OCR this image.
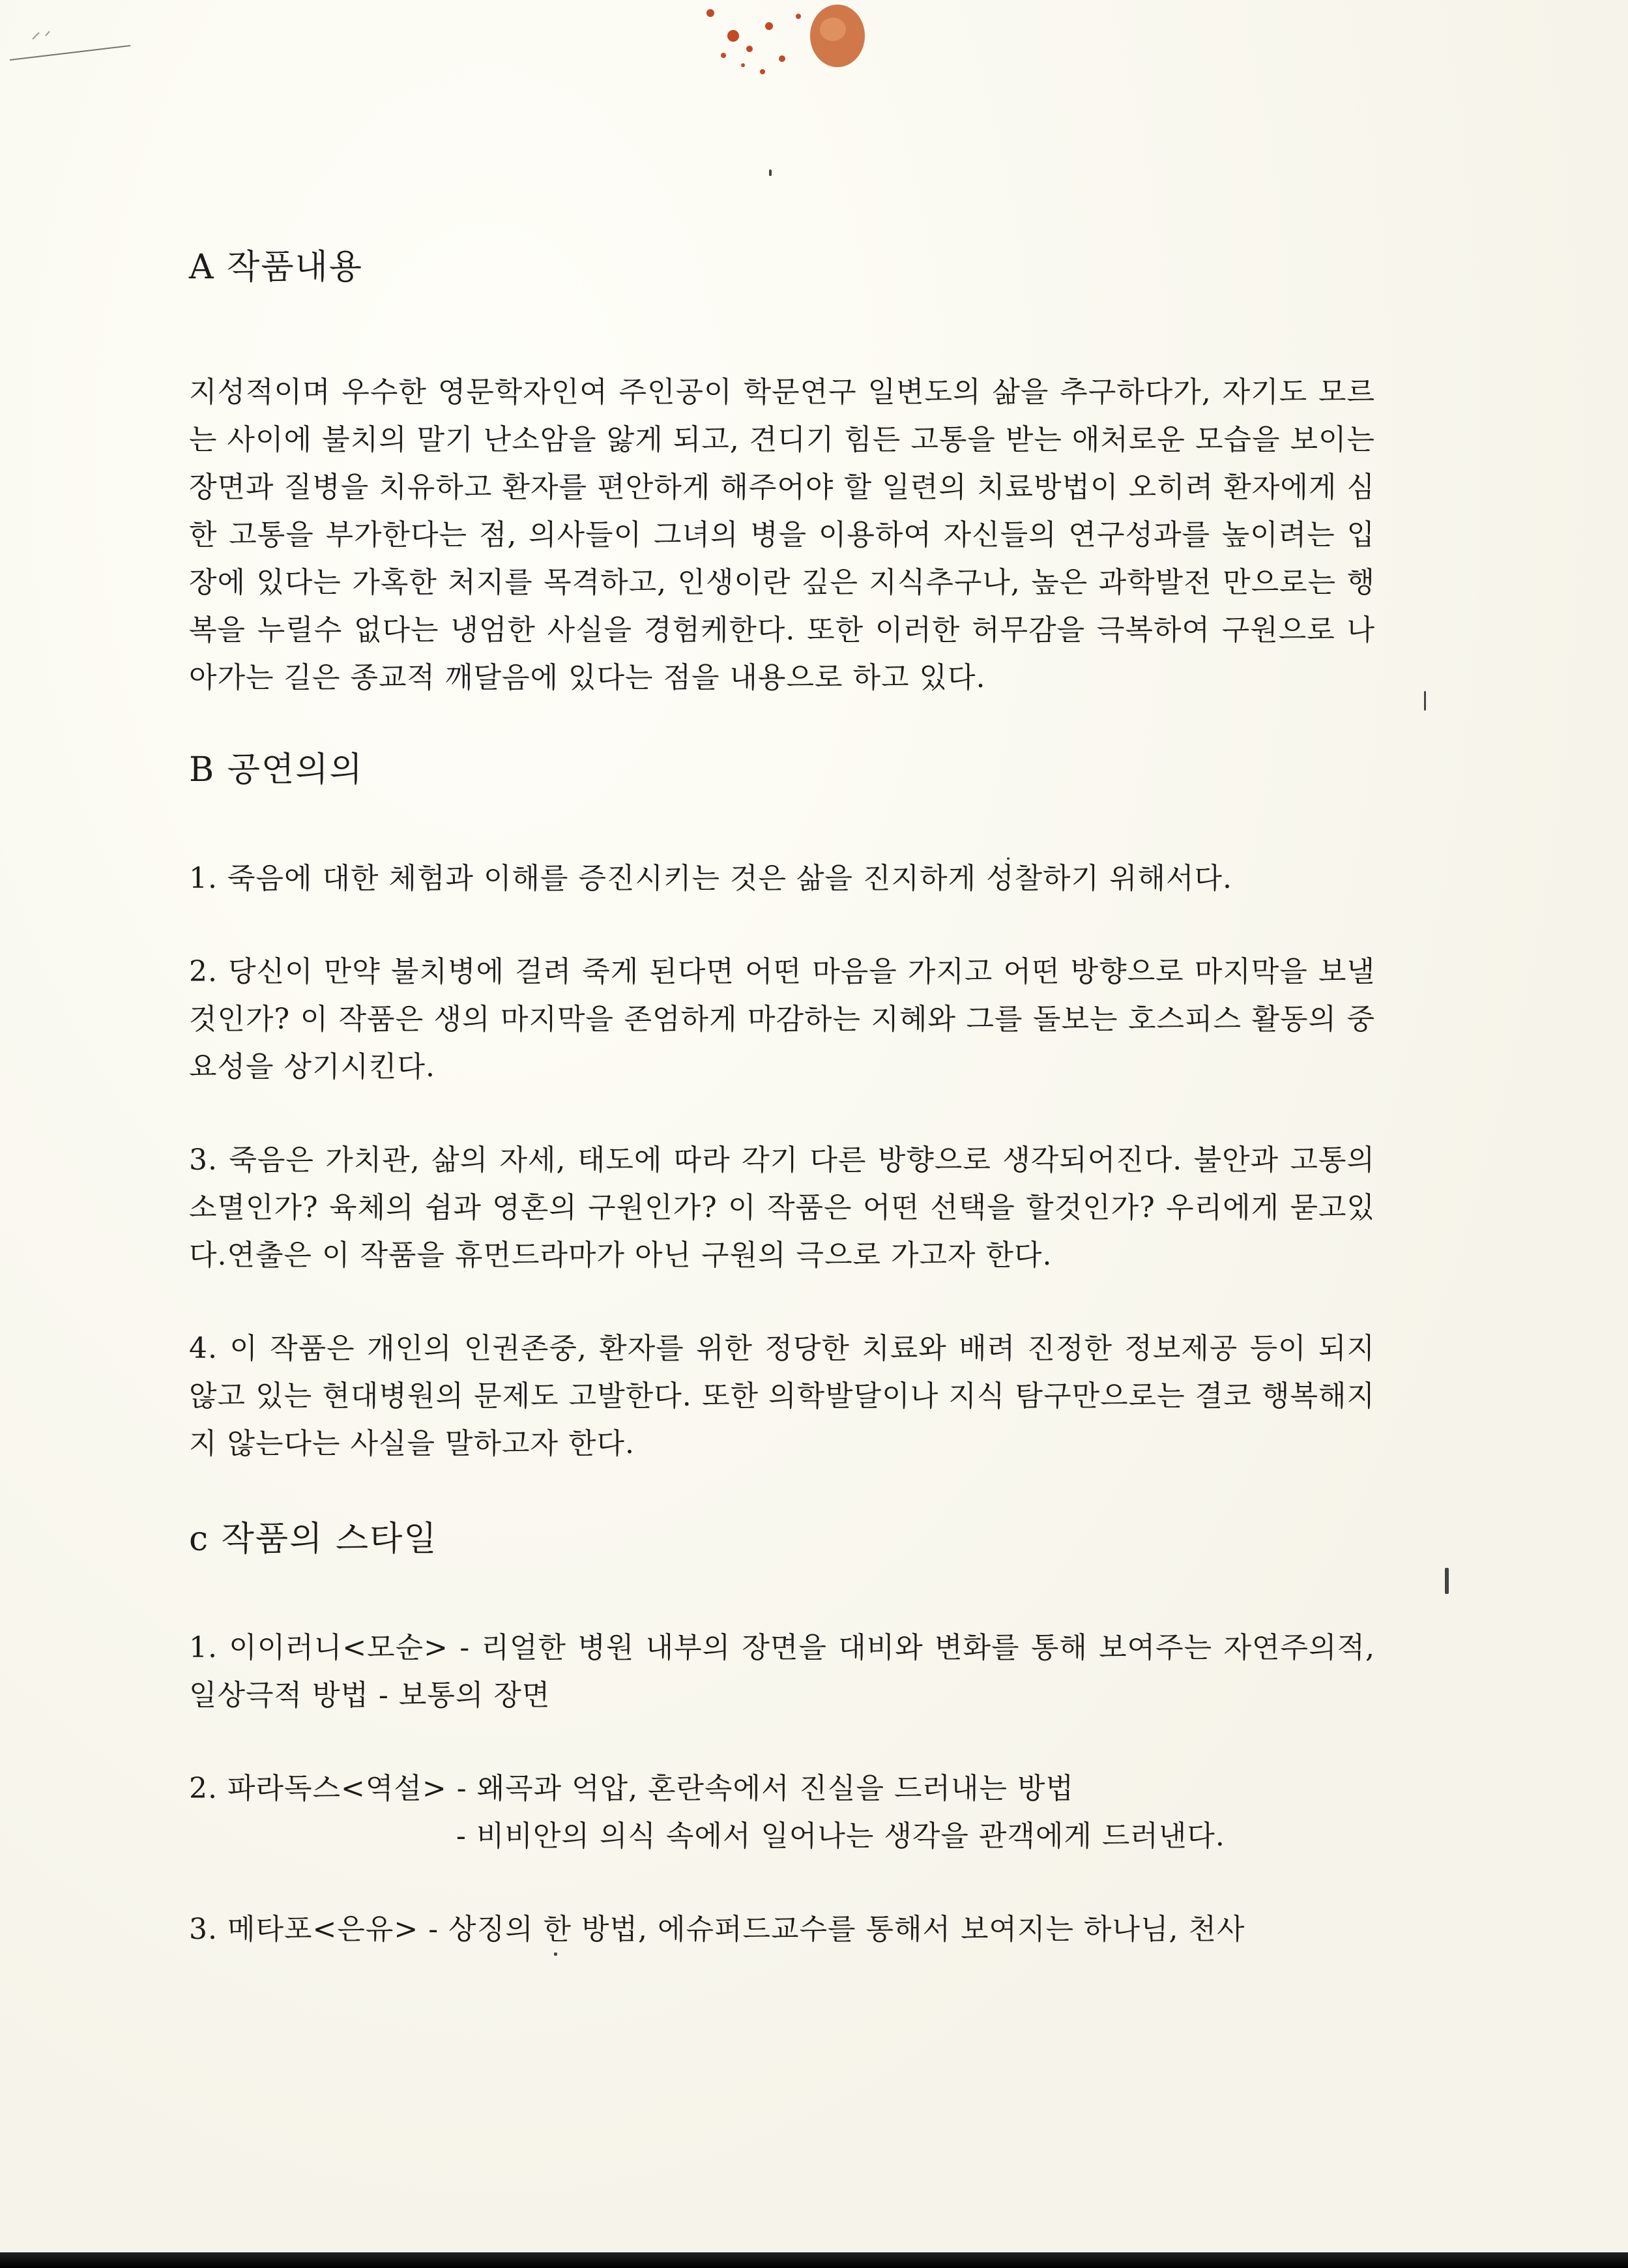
A 작품내용

지성적이며 우수한 영문학자인여 주인공이 학문연구 일변도의 삶을 추구하다가, 자기도 모르는 사이에 불치의 말기 난소암을 앓게 되고, 견디기 힘든 고통을 받는 애처로운 모습을 보이는 장면과 질병을 치유하고 환자를 편안하게 해주어야 할 일련의 치료방법이 오히려 환자에게 심한 고통을 부가한다는 점, 의사들이 그녀의 병을 이용하여 자신들의 연구성과를 높이려는 입장에 있다는 가혹한 처지를 목격하고, 인생이란 깊은 지식추구나, 높은 과학발전 만으로는 행복을 누릴수 없다는 냉엄한 사실을 경험케한다. 또한 이러한 허무감을 극복하여 구원으로 나아가는 길은 종교적 깨달음에 있다는 점을 내용으로 하고 있다.

B 공연의의

1. 죽음에 대한 체험과 이해를 증진시키는 것은 삶을 진지하게 성찰하기 위해서다.

2. 당신이 만약 불치병에 걸려 죽게 된다면 어떤 마음을 가지고 어떤 방향으로 마지막을 보낼것인가? 이 작품은 생의 마지막을 존엄하게 마감하는 지혜와 그를 돌보는 호스피스 활동의 중요성을 상기시킨다.

3. 죽음은 가치관, 삶의 자세, 태도에 따라 각기 다른 방향으로 생각되어진다. 불안과 고통의 소멸인가? 육체의 쉼과 영혼의 구원인가? 이 작품은 어떤 선택을 할것인가? 우리에게 묻고있다.연출은 이 작품을 휴먼드라마가 아닌 구원의 극으로 가고자 한다.

4. 이 작품은 개인의 인권존중, 환자를 위한 정당한 치료와 배려 진정한 정보제공 등이 되지 않고 있는 현대병원의 문제도 고발한다. 또한 의학발달이나 지식 탐구만으로는 결코 행복해지지 않는다는 사실을 말하고자 한다.

c 작품의 스타일

1. 이이러니<모순> - 리얼한 병원 내부의 장면을 대비와 변화를 통해 보여주는 자연주의적, 일상극적 방법 - 보통의 장면

2. 파라독스<역설> - 왜곡과 억압, 혼란속에서 진실을 드러내는 방법

- 비비안의 의식 속에서 일어나는 생각을 관객에게 드러낸다.

3. 메타포<은유> - 상징의 한 방법, 에슈퍼드교수를 통해서 보여지는 하나님, 천사
